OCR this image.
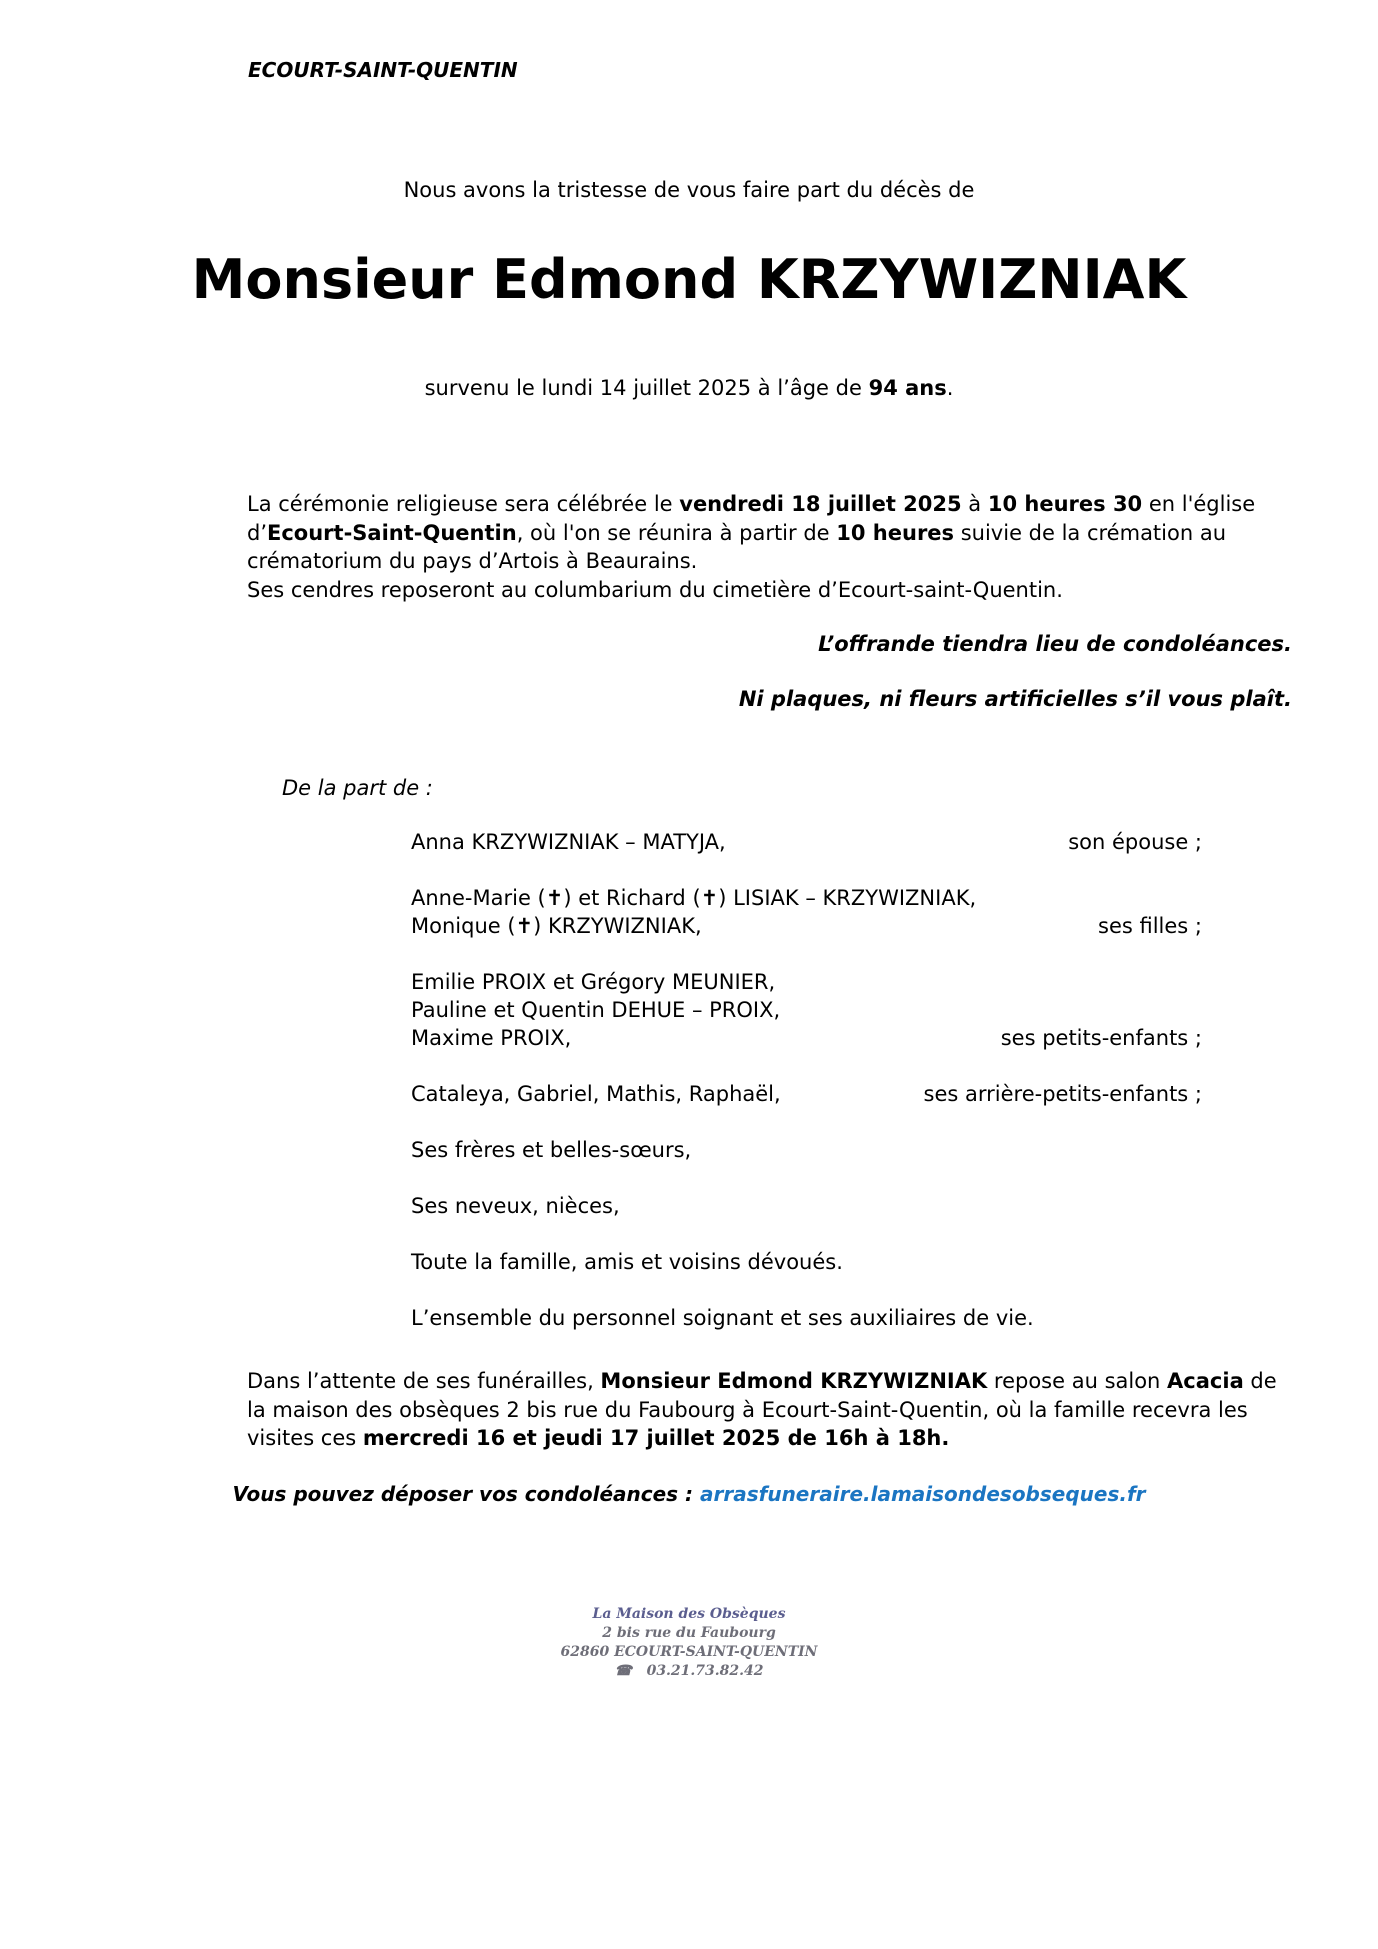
ECOURT-SAINT-QUENTIN
Nous avons la tristesse de vous faire part du décès de
Monsieur Edmond KRZYWIZNIAK
survenu le lundi 14 juillet 2025 à l’âge de 94 ans.
La cérémonie religieuse sera célébrée le vendredi 18 juillet 2025 à 10 heures 30 en l'église d’Ecourt-Saint-Quentin, où l'on se réunira à partir de 10 heures suivie de la crémation au crématorium du pays d’Artois à Beaurains.
Ses cendres reposeront au columbarium du cimetière d’Ecourt-saint-Quentin.
L’offrande tiendra lieu de condoléances.
Ni plaques, ni fleurs artificielles s’il vous plaît.
De la part de :
Anna KRZYWIZNIAK – MATYJA,	son épouse ;
Anne-Marie (✝) et Richard (✝) LISIAK – KRZYWIZNIAK,
Monique (✝) KRZYWIZNIAK,	ses filles ;
Emilie PROIX et Grégory MEUNIER,
Pauline et Quentin DEHUE – PROIX,
Maxime PROIX,	ses petits-enfants ;
Cataleya, Gabriel, Mathis, Raphaël,	ses arrière-petits-enfants ;
Ses frères et belles-sœurs,
Ses neveux, nièces,
Toute la famille, amis et voisins dévoués.
L’ensemble du personnel soignant et ses auxiliaires de vie.
Dans l’attente de ses funérailles, Monsieur Edmond KRZYWIZNIAK repose au salon Acacia de la maison des obsèques 2 bis rue du Faubourg à Ecourt-Saint-Quentin, où la famille recevra les visites ces mercredi 16 et jeudi 17 juillet 2025 de 16h à 18h.
Vous pouvez déposer vos condoléances : arrasfuneraire.lamaisondesobseques.fr
La Maison des Obsèques
2 bis rue du Faubourg
62860 ECOURT-SAINT-QUENTIN
☎ 03.21.73.82.42
